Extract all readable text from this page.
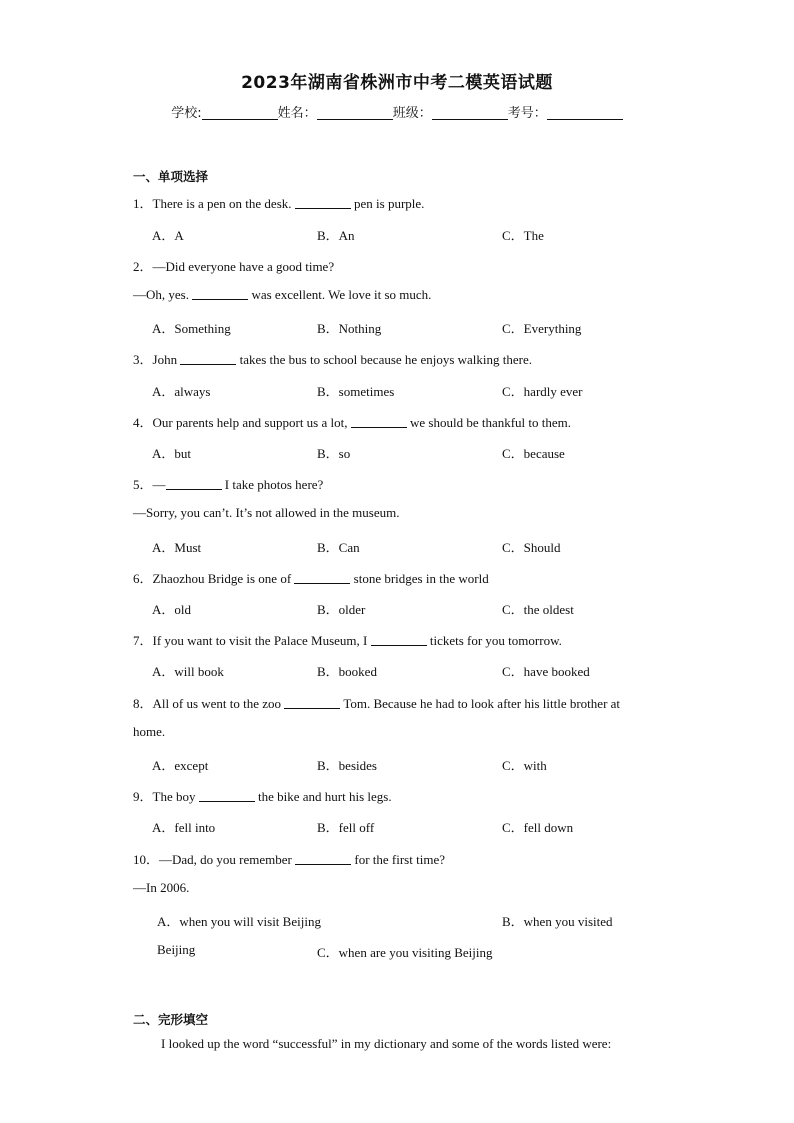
2023年湖南省株洲市中考二模英语试题
学校:	姓名：	班级：	考号：
一、单项选择
1．There is a pen on the desk.	pen is purple.
A．A	B．An	C．The
2．—Did everyone have a good time?
—Oh, yes.	was excellent. We love it so much.
A．Something	B．Nothing	C．Everything
3．John	takes the bus to school because he enjoys walking there.
A．always	B．sometimes	C．hardly ever
4．Our parents help and support us a lot,	we should be thankful to them.
A．but	B．so	C．because
5．—	I take photos here?
—Sorry, you can’t. It’s not allowed in the museum.
A．Must	B．Can	C．Should
6．Zhaozhou Bridge is one of	stone bridges in the world
A．old	B．older	C．the oldest
7．If you want to visit the Palace Museum, I	tickets for you tomorrow.
A．will book	B．booked	C．have booked
8．All of us went to the zoo	Tom. Because he had to look after his little brother at
home.
A．except	B．besides	C．with
9．The boy	the bike and hurt his legs.
A．fell into	B．fell off	C．fell down
10．—Dad, do you remember	for the first time?
—In 2006.
A．when you will visit Beijing	B．when you visited
Beijing	C．when are you visiting Beijing
二、完形填空
I looked up the word “successful” in my dictionary and some of the words listed were:
